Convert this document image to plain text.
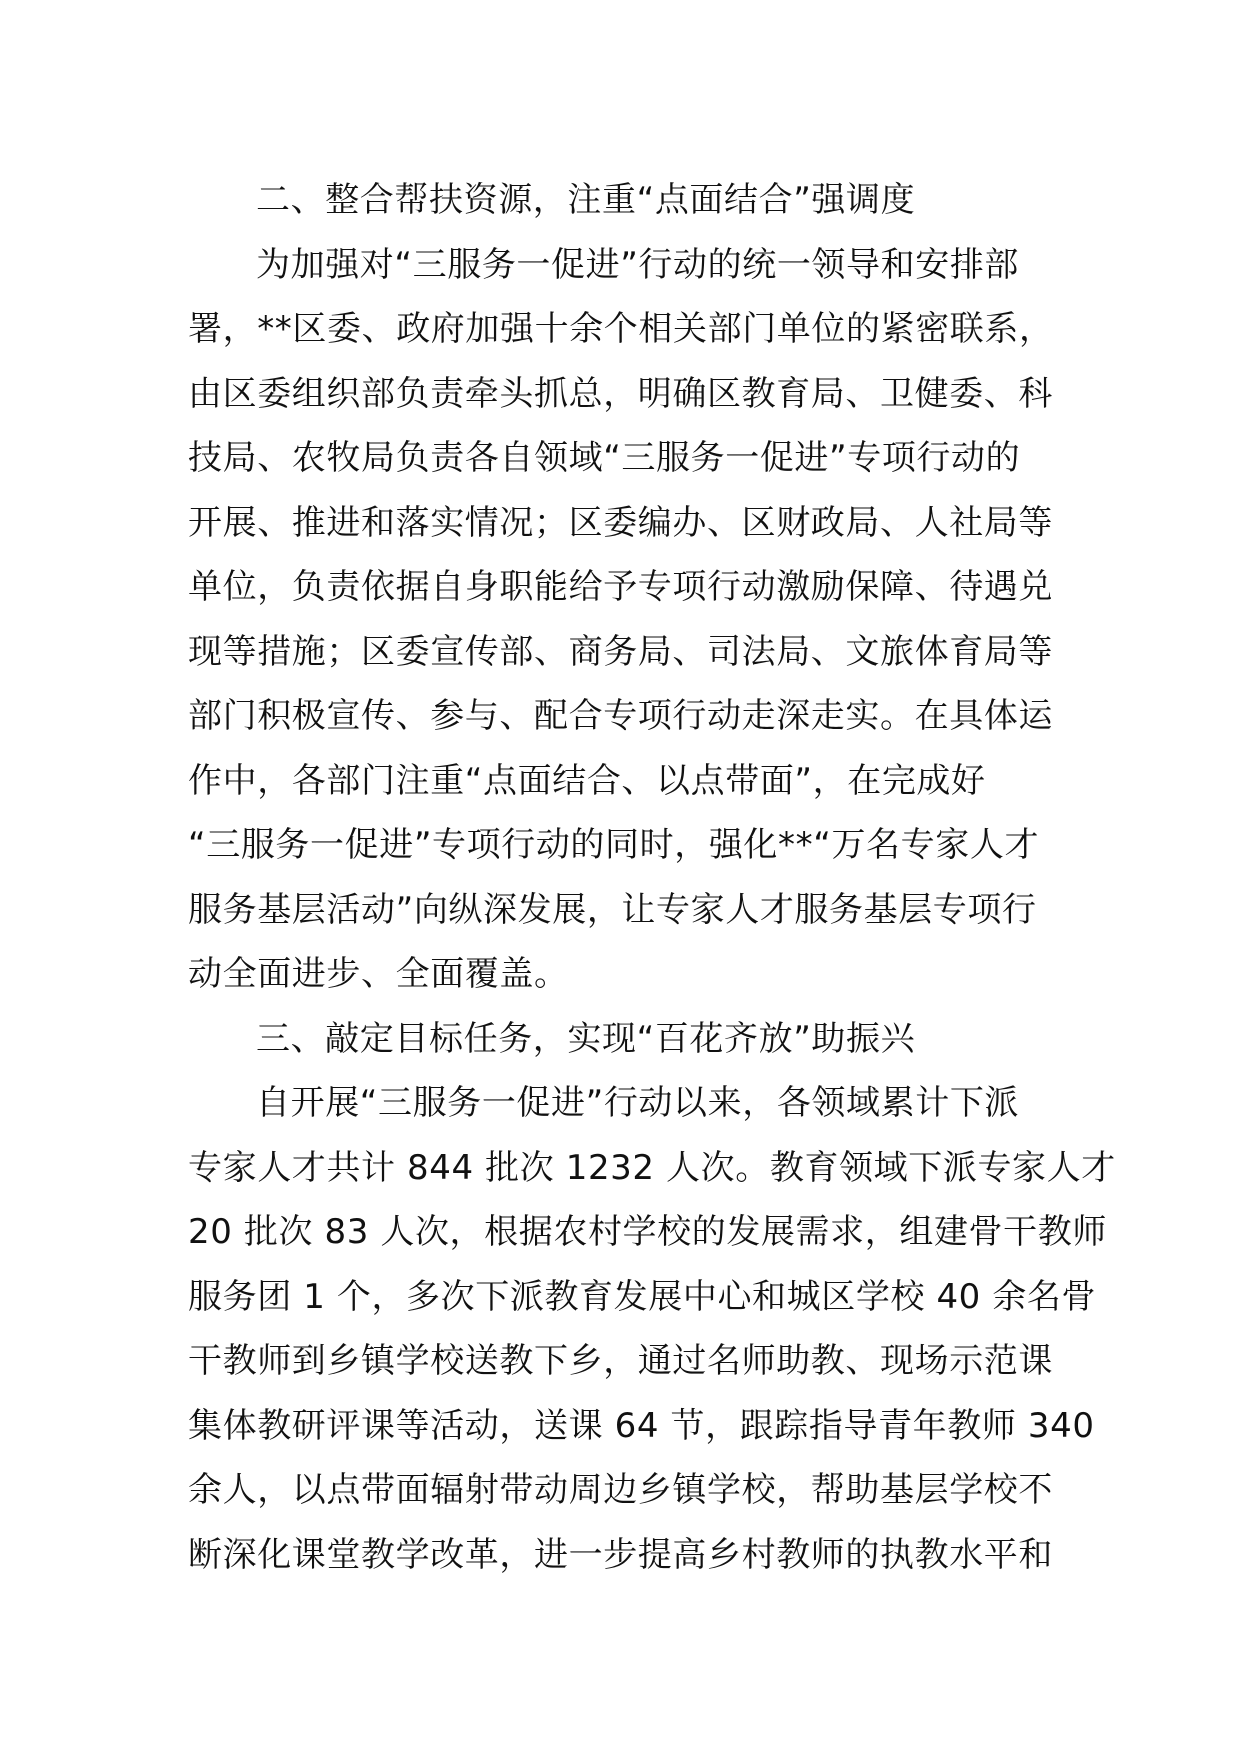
二、整合帮扶资源，注重“点面结合”强调度
为加强对“三服务一促进”行动的统一领导和安排部
署，**区委、政府加强十余个相关部门单位的紧密联系，
由区委组织部负责牵头抓总，明确区教育局、卫健委、科
技局、农牧局负责各自领域“三服务一促进”专项行动的
开展、推进和落实情况；区委编办、区财政局、人社局等
单位，负责依据自身职能给予专项行动激励保障、待遇兑
现等措施；区委宣传部、商务局、司法局、文旅体育局等
部门积极宣传、参与、配合专项行动走深走实。在具体运
作中，各部门注重“点面结合、以点带面”，在完成好
“三服务一促进”专项行动的同时，强化**“万名专家人才
服务基层活动”向纵深发展，让专家人才服务基层专项行
动全面进步、全面覆盖。
三、敲定目标任务，实现“百花齐放”助振兴
自开展“三服务一促进”行动以来，各领域累计下派
专家人才共计 844 批次 1232 人次。教育领域下派专家人才
20 批次 83 人次，根据农村学校的发展需求，组建骨干教师
服务团 1 个，多次下派教育发展中心和城区学校 40 余名骨
干教师到乡镇学校送教下乡，通过名师助教、现场示范课
集体教研评课等活动，送课 64 节，跟踪指导青年教师 340
余人，以点带面辐射带动周边乡镇学校，帮助基层学校不
断深化课堂教学改革，进一步提高乡村教师的执教水平和
